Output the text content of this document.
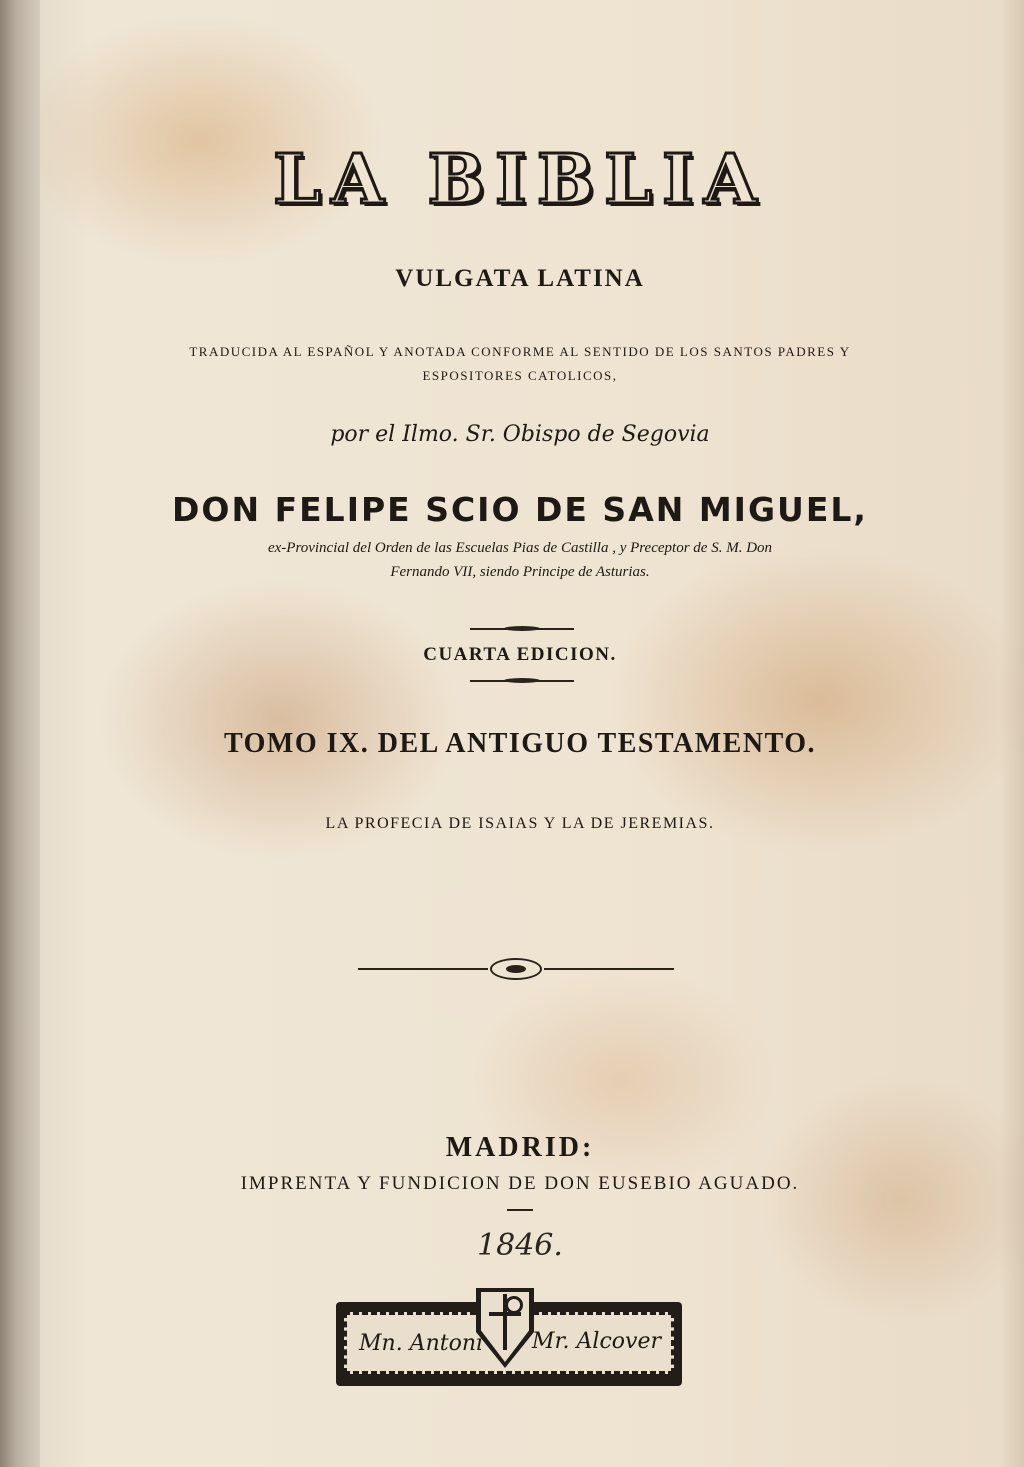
LA BIBLIA
VULGATA LATINA
TRADUCIDA AL ESPAÑOL Y ANOTADA CONFORME AL SENTIDO DE LOS SANTOS PADRES Y
ESPOSITORES CATOLICOS,
por el Ilmo. Sr. Obispo de Segovia
DON FELIPE SCIO DE SAN MIGUEL,
ex-Provincial del Orden de las Escuelas Pias de Castilla , y Preceptor de S. M. Don
Fernando VII, siendo Principe de Asturias.
CUARTA EDICION.
TOMO IX. DEL ANTIGUO TESTAMENTO.
LA PROFECIA DE ISAIAS Y LA DE JEREMIAS.
MADRID:
IMPRENTA Y FUNDICION DE DON EUSEBIO AGUADO.
1846.
Mn. Antoni Mr. Alcover
